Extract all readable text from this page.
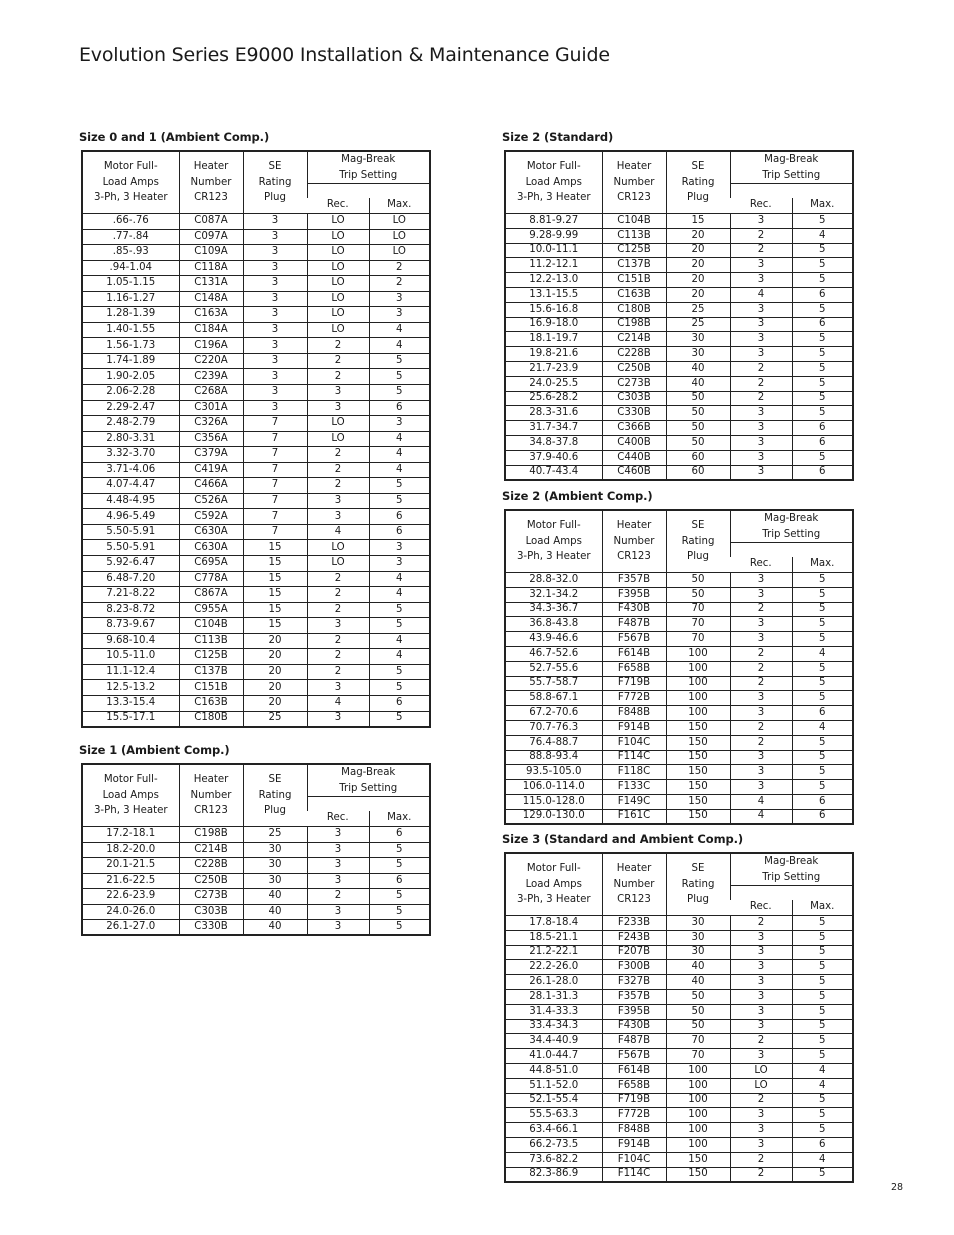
Evolution Series E9000 Installation & Maintenance Guide
Size 0 and 1 (Ambient Comp.)
Motor Full-
Load Amps
3-Ph, 3 Heater	Heater
Number
CR123	SE
Rating
Plug	Mag-Break
Trip Setting	

			Rec.	Max.
.66-.76	C087A	3	LO	LO
.77-.84	C097A	3	LO	LO
.85-.93	C109A	3	LO	LO
.94-1.04	C118A	3	LO	2
1.05-1.15	C131A	3	LO	2
1.16-1.27	C148A	3	LO	3
1.28-1.39	C163A	3	LO	3
1.40-1.55	C184A	3	LO	4
1.56-1.73	C196A	3	2	4
1.74-1.89	C220A	3	2	5
1.90-2.05	C239A	3	2	5
2.06-2.28	C268A	3	3	5
2.29-2.47	C301A	3	3	6
2.48-2.79	C326A	7	LO	3
2.80-3.31	C356A	7	LO	4
3.32-3.70	C379A	7	2	4
3.71-4.06	C419A	7	2	4
4.07-4.47	C466A	7	2	5
4.48-4.95	C526A	7	3	5
4.96-5.49	C592A	7	3	6
5.50-5.91	C630A	7	4	6
5.50-5.91	C630A	15	LO	3
5.92-6.47	C695A	15	LO	3
6.48-7.20	C778A	15	2	4
7.21-8.22	C867A	15	2	4
8.23-8.72	C955A	15	2	5
8.73-9.67	C104B	15	3	5
9.68-10.4	C113B	20	2	4
10.5-11.0	C125B	20	2	4
11.1-12.4	C137B	20	2	5
12.5-13.2	C151B	20	3	5
13.3-15.4	C163B	20	4	6
15.5-17.1	C180B	25	3	5
Size 1 (Ambient Comp.)
Motor Full-
Load Amps
3-Ph, 3 Heater	Heater
Number
CR123	SE
Rating
Plug	Mag-Break
Trip Setting	

			Rec.	Max.
17.2-18.1	C198B	25	3	6
18.2-20.0	C214B	30	3	5
20.1-21.5	C228B	30	3	5
21.6-22.5	C250B	30	3	6
22.6-23.9	C273B	40	2	5
24.0-26.0	C303B	40	3	5
26.1-27.0	C330B	40	3	5
Size 2 (Standard)
Motor Full-
Load Amps
3-Ph, 3 Heater	Heater
Number
CR123	SE
Rating
Plug	Mag-Break
Trip Setting	

			Rec.	Max.
8.81-9.27	C104B	15	3	5
9.28-9.99	C113B	20	2	4
10.0-11.1	C125B	20	2	5
11.2-12.1	C137B	20	3	5
12.2-13.0	C151B	20	3	5
13.1-15.5	C163B	20	4	6
15.6-16.8	C180B	25	3	5
16.9-18.0	C198B	25	3	6
18.1-19.7	C214B	30	3	5
19.8-21.6	C228B	30	3	5
21.7-23.9	C250B	40	2	5
24.0-25.5	C273B	40	2	5
25.6-28.2	C303B	50	2	5
28.3-31.6	C330B	50	3	5
31.7-34.7	C366B	50	3	6
34.8-37.8	C400B	50	3	6
37.9-40.6	C440B	60	3	5
40.7-43.4	C460B	60	3	6
Size 2 (Ambient Comp.)
Motor Full-
Load Amps
3-Ph, 3 Heater	Heater
Number
CR123	SE
Rating
Plug	Mag-Break
Trip Setting	

			Rec.	Max.
28.8-32.0	F357B	50	3	5
32.1-34.2	F395B	50	3	5
34.3-36.7	F430B	70	2	5
36.8-43.8	F487B	70	3	5
43.9-46.6	F567B	70	3	5
46.7-52.6	F614B	100	2	4
52.7-55.6	F658B	100	2	5
55.7-58.7	F719B	100	2	5
58.8-67.1	F772B	100	3	5
67.2-70.6	F848B	100	3	6
70.7-76.3	F914B	150	2	4
76.4-88.7	F104C	150	2	5
88.8-93.4	F114C	150	3	5
93.5-105.0	F118C	150	3	5
106.0-114.0	F133C	150	3	5
115.0-128.0	F149C	150	4	6
129.0-130.0	F161C	150	4	6
Size 3 (Standard and Ambient Comp.)
Motor Full-
Load Amps
3-Ph, 3 Heater	Heater
Number
CR123	SE
Rating
Plug	Mag-Break
Trip Setting	

			Rec.	Max.
17.8-18.4	F233B	30	2	5
18.5-21.1	F243B	30	3	5
21.2-22.1	F207B	30	3	5
22.2-26.0	F300B	40	3	5
26.1-28.0	F327B	40	3	5
28.1-31.3	F357B	50	3	5
31.4-33.3	F395B	50	3	5
33.4-34.3	F430B	50	3	5
34.4-40.9	F487B	70	2	5
41.0-44.7	F567B	70	3	5
44.8-51.0	F614B	100	LO	4
51.1-52.0	F658B	100	LO	4
52.1-55.4	F719B	100	2	5
55.5-63.3	F772B	100	3	5
63.4-66.1	F848B	100	3	5
66.2-73.5	F914B	100	3	6
73.6-82.2	F104C	150	2	4
82.3-86.9	F114C	150	2	5
28
